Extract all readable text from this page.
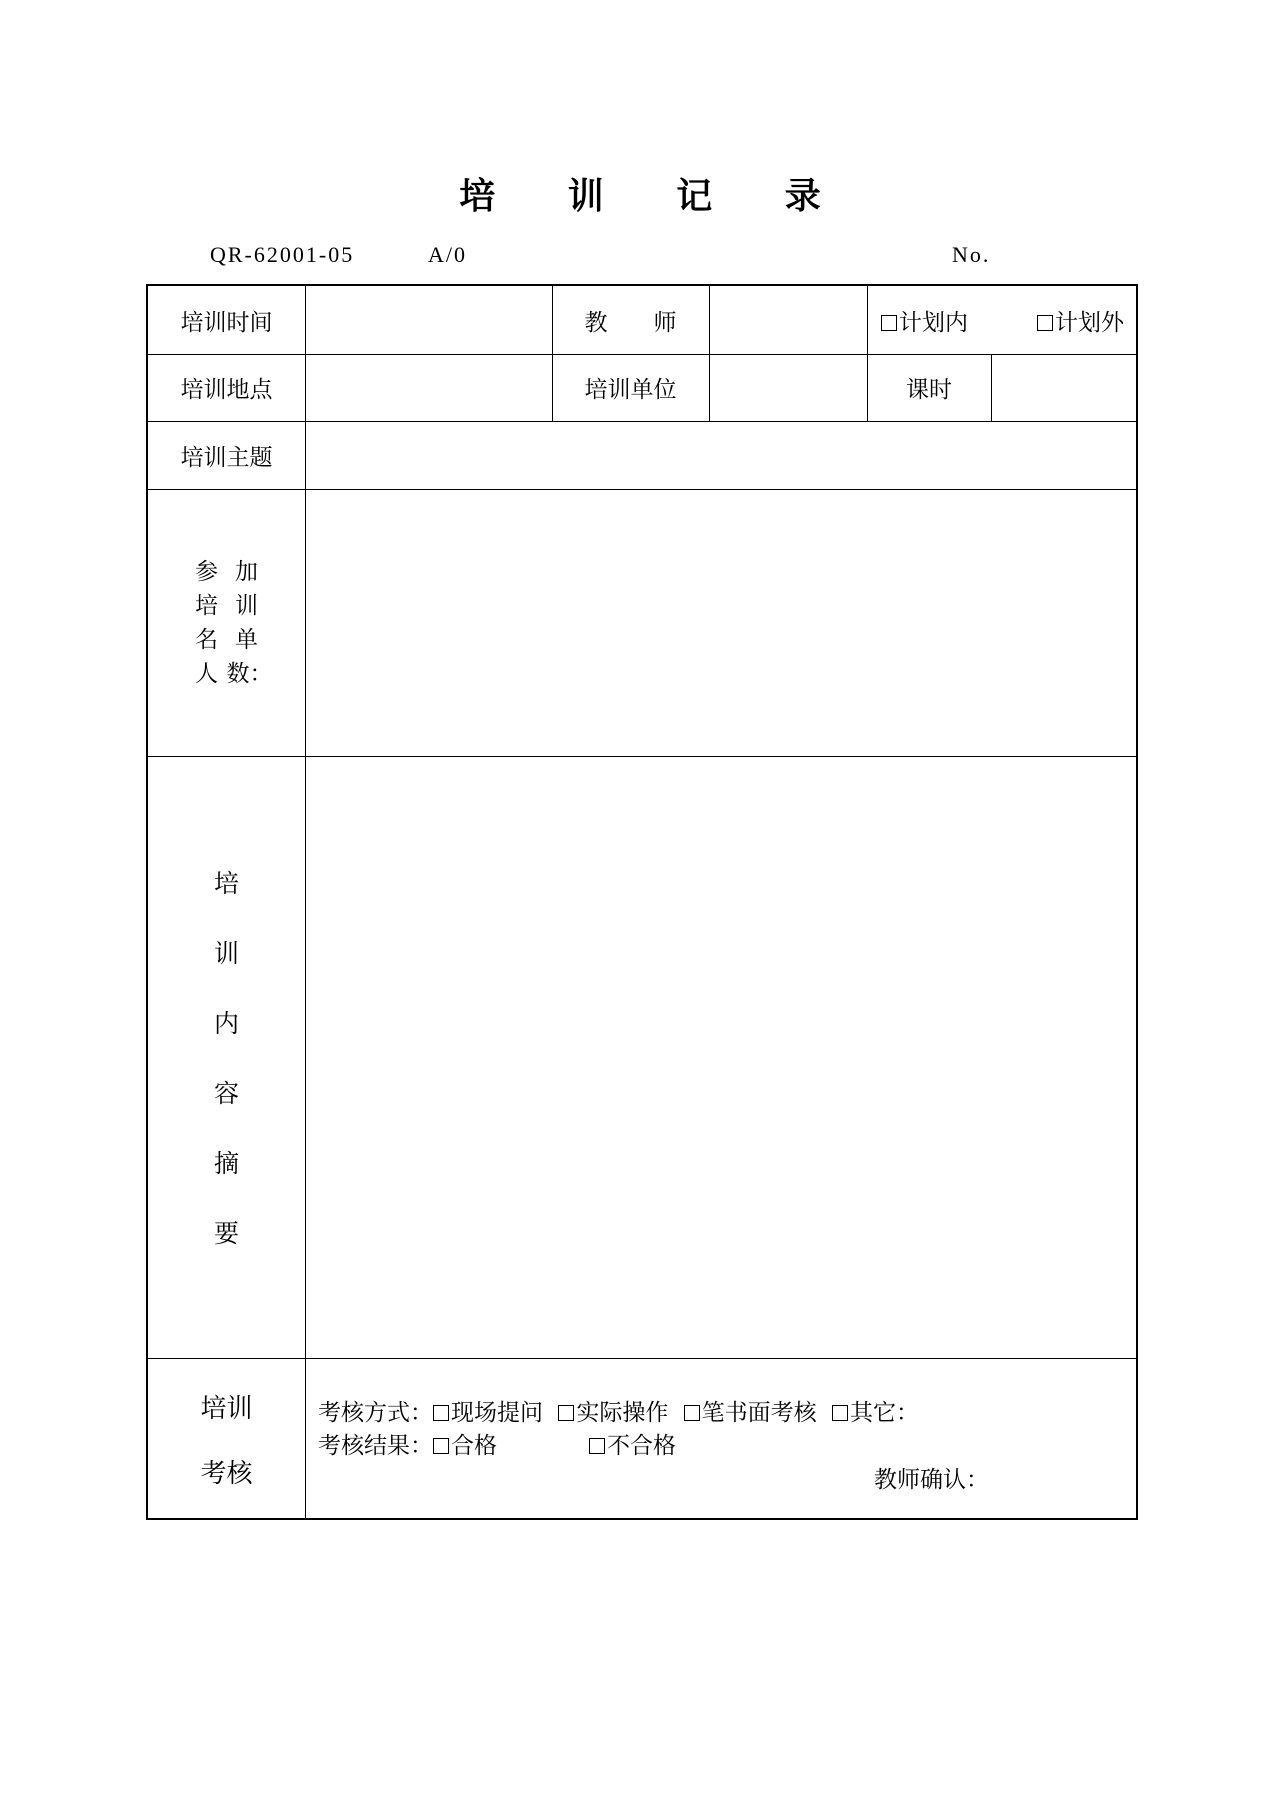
培 训 记 录
QR-62001-05	A/0	No.
培训时间	教　　师	计划内	计划外
培训地点	培训单位	课时
培训主题
参 加
培 训
名 单
人 数：
培
训
内
容
摘
要
培训
考核
考核方式： 现场提问 实际操作 笔书面考核 其它：
考核结果： 合格	不合格
教师确认：
